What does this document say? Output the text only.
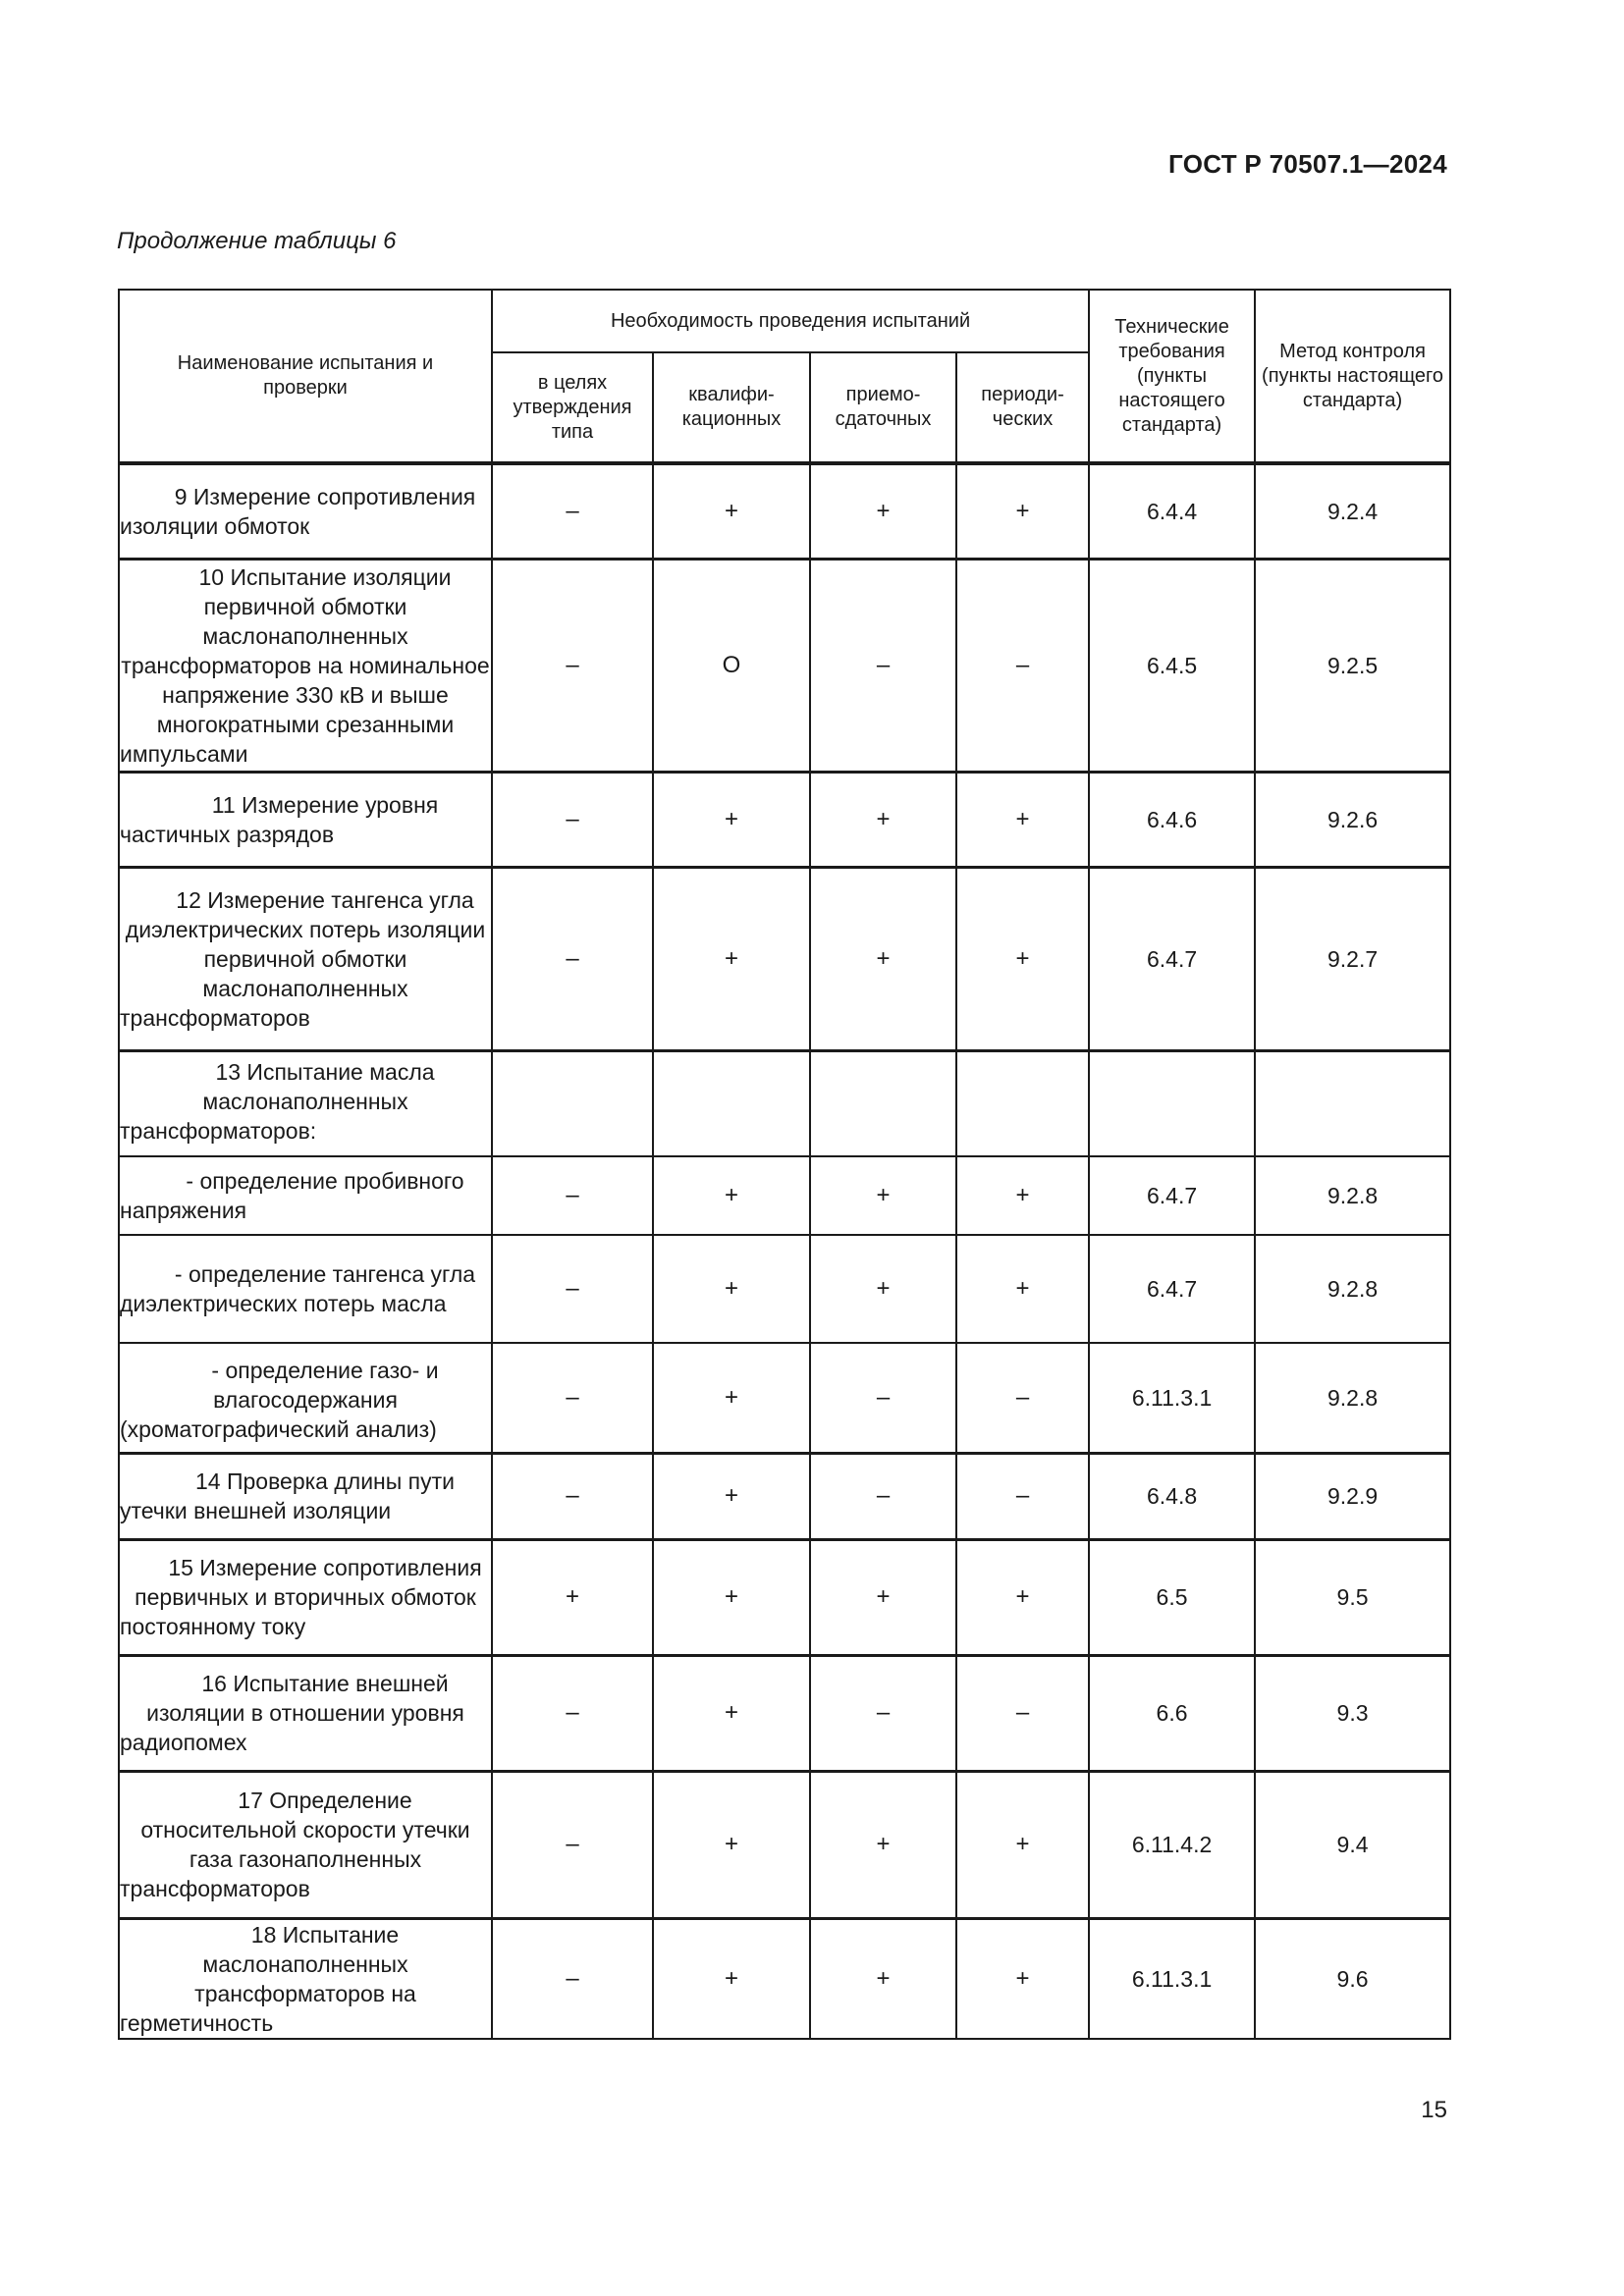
ГОСТ Р 70507.1—2024
Продолжение таблицы 6
Наименование испытания и проверки	Необходимость проведения испытаний				Технические требования (пункты настоящего стандарта)	Метод контроля (пункты настоящего стандарта)
	в целях утверждения типа	квалифи-кационных	приемо-сдаточных	периоди-ческих		
9 Измерение сопротивления изоляции обмоток	–	+	+	+	6.4.4	9.2.4
10 Испытание изоляции первичной обмотки маслонаполненных трансформаторов на номинальное напряжение 330 кВ и выше многократными срезанными импульсами	–	О	–	–	6.4.5	9.2.5
11 Измерение уровня частичных разрядов	–	+	+	+	6.4.6	9.2.6
12 Измерение тангенса угла диэлектрических потерь изоляции первичной обмотки маслонаполненных трансформаторов	–	+	+	+	6.4.7	9.2.7
13 Испытание масла маслонаполненных трансформаторов:						
- определение пробивного напряжения	–	+	+	+	6.4.7	9.2.8
- определение тангенса угла диэлектрических потерь масла	–	+	+	+	6.4.7	9.2.8
- определение газо- и влагосодержания (хроматографический анализ)	–	+	–	–	6.11.3.1	9.2.8
14 Проверка длины пути утечки внешней изоляции	–	+	–	–	6.4.8	9.2.9
15 Измерение сопротивления первичных и вторичных обмоток постоянному току	+	+	+	+	6.5	9.5
16 Испытание внешней изоляции в отношении уровня радиопомех	–	+	–	–	6.6	9.3
17 Определение относительной скорости утечки газа газонаполненных трансформаторов	–	+	+	+	6.11.4.2	9.4
18 Испытание маслонаполненных трансформаторов на герметичность	–	+	+	+	6.11.3.1	9.6
15
